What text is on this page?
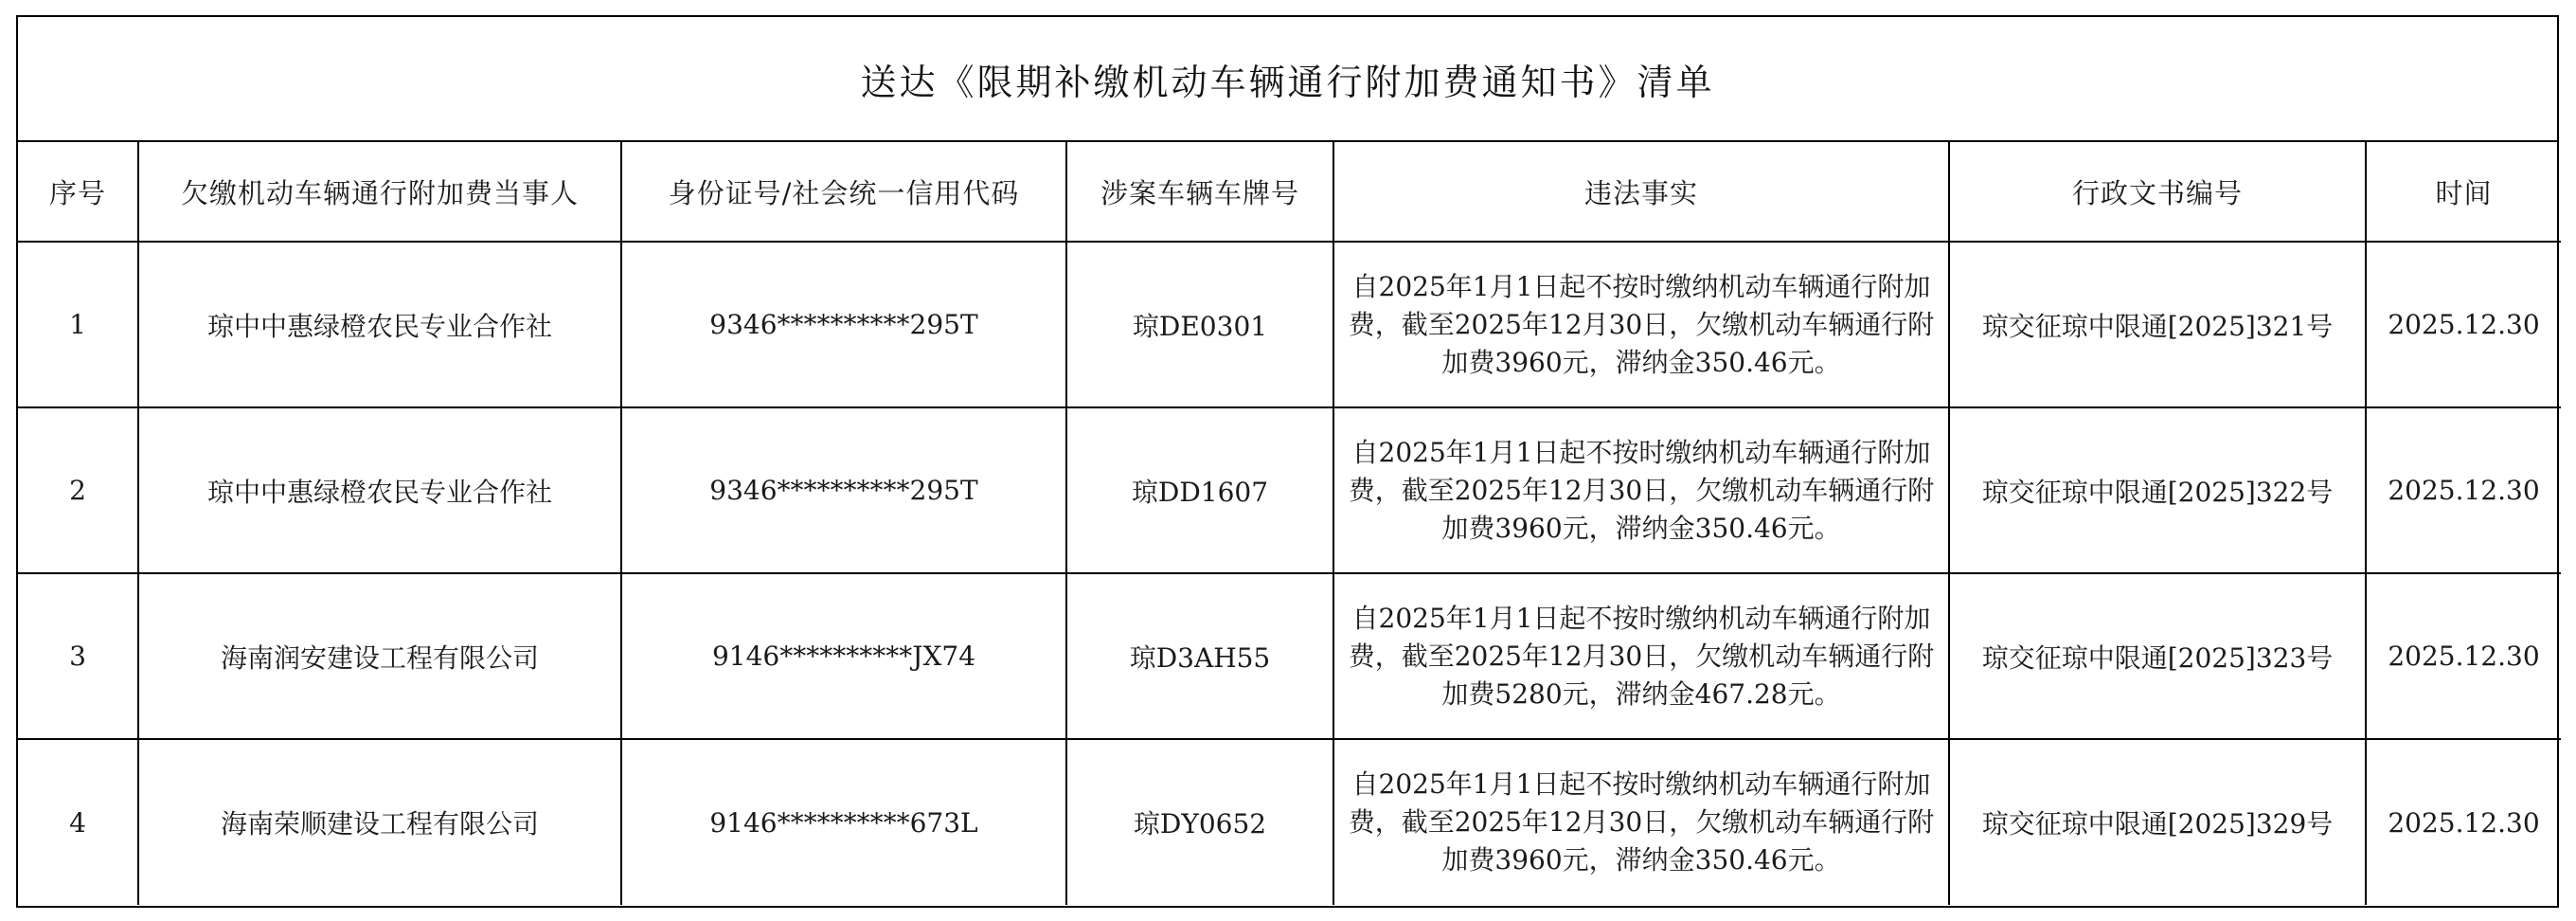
送达《限期补缴机动车辆通行附加费通知书》清单
序号	欠缴机动车辆通行附加费当事人	身份证号/社会统一信用代码	涉案车辆车牌号	违法事实	行政文书编号	时间
1	琼中中惠绿橙农民专业合作社	9346**********295T	琼DE0301	自2025年1月1日起不按时缴纳机动车辆通行附加费，截至2025年12月30日，欠缴机动车辆通行附加费3960元，滞纳金350.46元。	琼交征琼中限通[2025]321号	2025.12.30
2	琼中中惠绿橙农民专业合作社	9346**********295T	琼DD1607	自2025年1月1日起不按时缴纳机动车辆通行附加费，截至2025年12月30日，欠缴机动车辆通行附加费3960元，滞纳金350.46元。	琼交征琼中限通[2025]322号	2025.12.30
3	海南润安建设工程有限公司	9146**********JX74	琼D3AH55	自2025年1月1日起不按时缴纳机动车辆通行附加费，截至2025年12月30日，欠缴机动车辆通行附加费5280元，滞纳金467.28元。	琼交征琼中限通[2025]323号	2025.12.30
4	海南荣顺建设工程有限公司	9146**********673L	琼DY0652	自2025年1月1日起不按时缴纳机动车辆通行附加费，截至2025年12月30日，欠缴机动车辆通行附加费3960元，滞纳金350.46元。	琼交征琼中限通[2025]329号	2025.12.30
